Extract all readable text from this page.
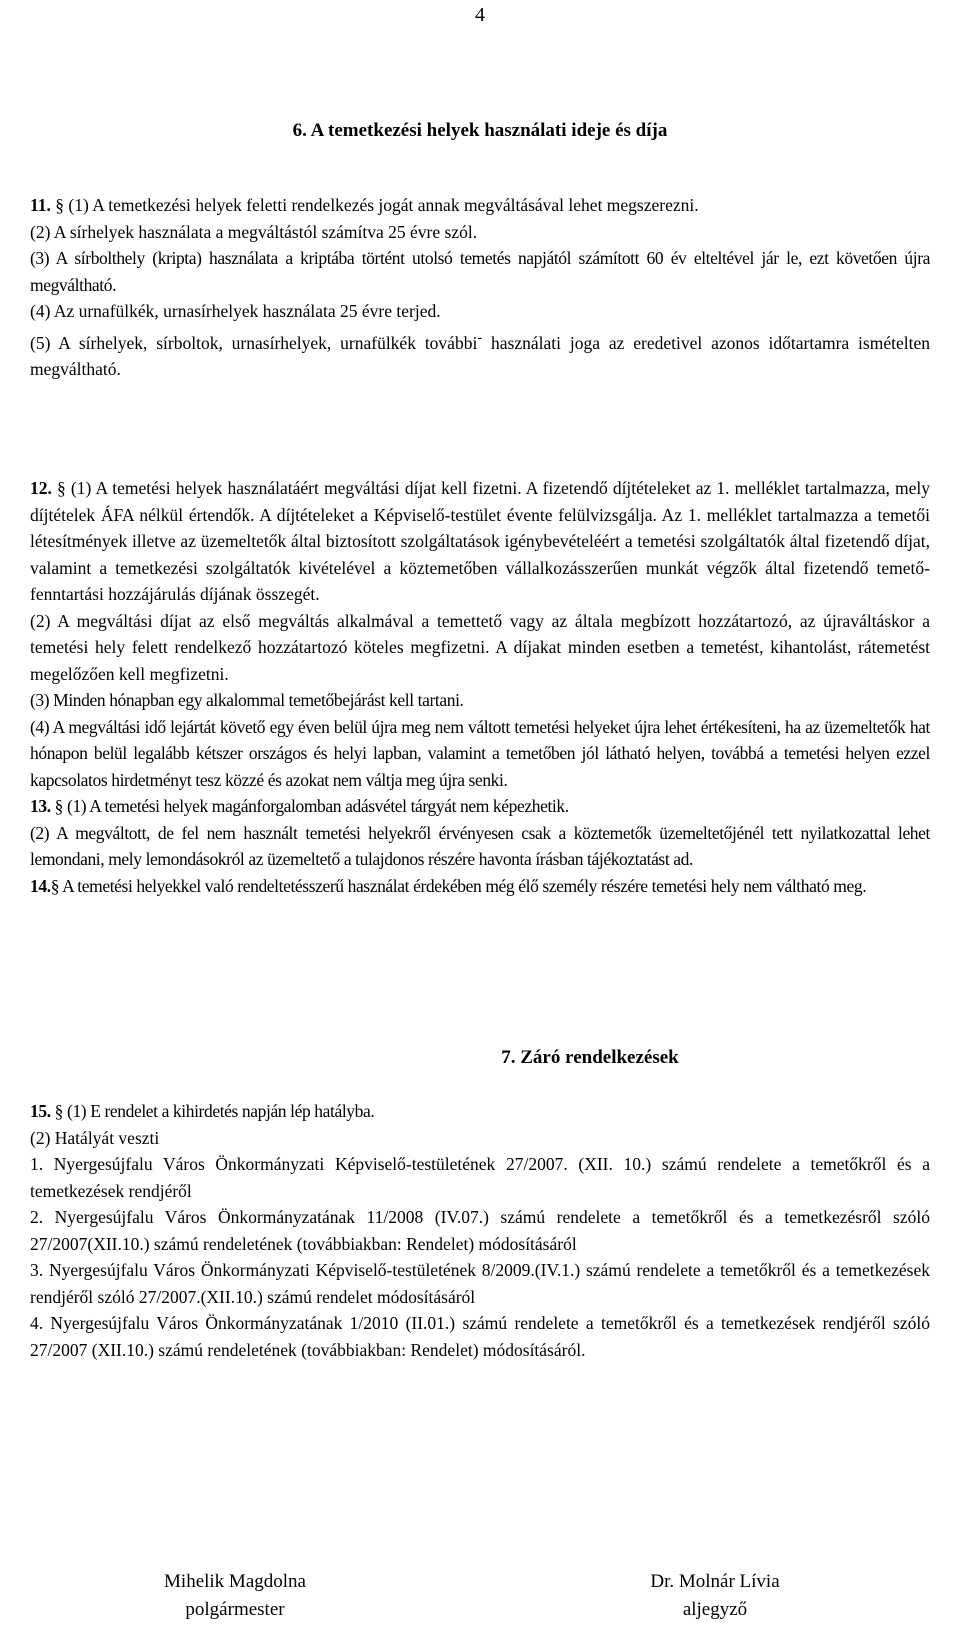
4
6. A temetkezési helyek használati ideje és díja

11. § (1) A temetkezési helyek feletti rendelkezés jogát annak megváltásával lehet megszerezni.

(2) A sírhelyek használata a megváltástól számítva 25 évre szól.

(3) A sírbolthely (kripta) használata a kriptába történt utolsó temetés napjától számított 60 év elteltével jár le, ezt követően újra megváltható.

(4) Az urnafülkék, urnasírhelyek használata 25 évre terjed.

(5) A sírhelyek, sírboltok, urnasírhelyek, urnafülkék további- használati joga az eredetivel azonos időtartamra ismételten megváltható.

12. § (1) A temetési helyek használatáért megváltási díjat kell fizetni. A fizetendő díjtételeket az 1. melléklet tartalmazza, mely díjtételek ÁFA nélkül értendők. A díjtételeket a Képviselő-testület évente felülvizsgálja. Az 1. melléklet tartalmazza a temetői létesítmények illetve az üzemeltetők által biztosított szolgáltatások igénybevételéért a temetési szolgáltatók által fizetendő díjat, valamint a temetkezési szolgáltatók kivételével a köztemetőben vállalkozásszerűen munkát végzők által fizetendő temető-fenntartási hozzájárulás díjának összegét.

(2) A megváltási díjat az első megváltás alkalmával a temettető vagy az általa megbízott hozzátartozó, az újraváltáskor a temetési hely felett rendelkező hozzátartozó köteles megfizetni. A díjakat minden esetben a temetést, kihantolást, rátemetést megelőzően kell megfizetni.

(3) Minden hónapban egy alkalommal temetőbejárást kell tartani.

(4) A megváltási idő lejártát követő egy éven belül újra meg nem váltott temetési helyeket újra lehet értékesíteni, ha az üzemeltetők hat hónapon belül legalább kétszer országos és helyi lapban, valamint a temetőben jól látható helyen, továbbá a temetési helyen ezzel kapcsolatos hirdetményt tesz közzé és azokat nem váltja meg újra senki.

13. § (1) A temetési helyek magánforgalomban adásvétel tárgyát nem képezhetik.

(2) A megváltott, de fel nem használt temetési helyekről érvényesen csak a köztemetők üzemeltetőjénél tett nyilatkozattal lehet lemondani, mely lemondásokról az üzemeltető a tulajdonos részére havonta írásban tájékoztatást ad.

14.§ A temetési helyekkel való rendeltetésszerű használat érdekében még élő személy részére temetési hely nem váltható meg.

7. Záró rendelkezések

15. § (1) E rendelet a kihirdetés napján lép hatályba.

(2) Hatályát veszti

1. Nyergesújfalu Város Önkormányzati Képviselő-testületének 27/2007. (XII. 10.) számú rendelete a temetőkről és a temetkezések rendjéről

2. Nyergesújfalu Város Önkormányzatának 11/2008 (IV.07.) számú rendelete a temetőkről és a temetkezésről szóló 27/2007(XII.10.) számú rendeletének (továbbiakban: Rendelet) módosításáról

3. Nyergesújfalu Város Önkormányzati Képviselő-testületének 8/2009.(IV.1.) számú rendelete a temetőkről és a temetkezések rendjéről szóló 27/2007.(XII.10.) számú rendelet módosításáról

4. Nyergesújfalu Város Önkormányzatának 1/2010 (II.01.) számú rendelete a temetőkről és a temetkezések rendjéről szóló 27/2007 (XII.10.) számú rendeletének (továbbiakban: Rendelet) módosításáról.

Mihelik Magdolna
polgármester
Dr. Molnár Lívia
aljegyző
